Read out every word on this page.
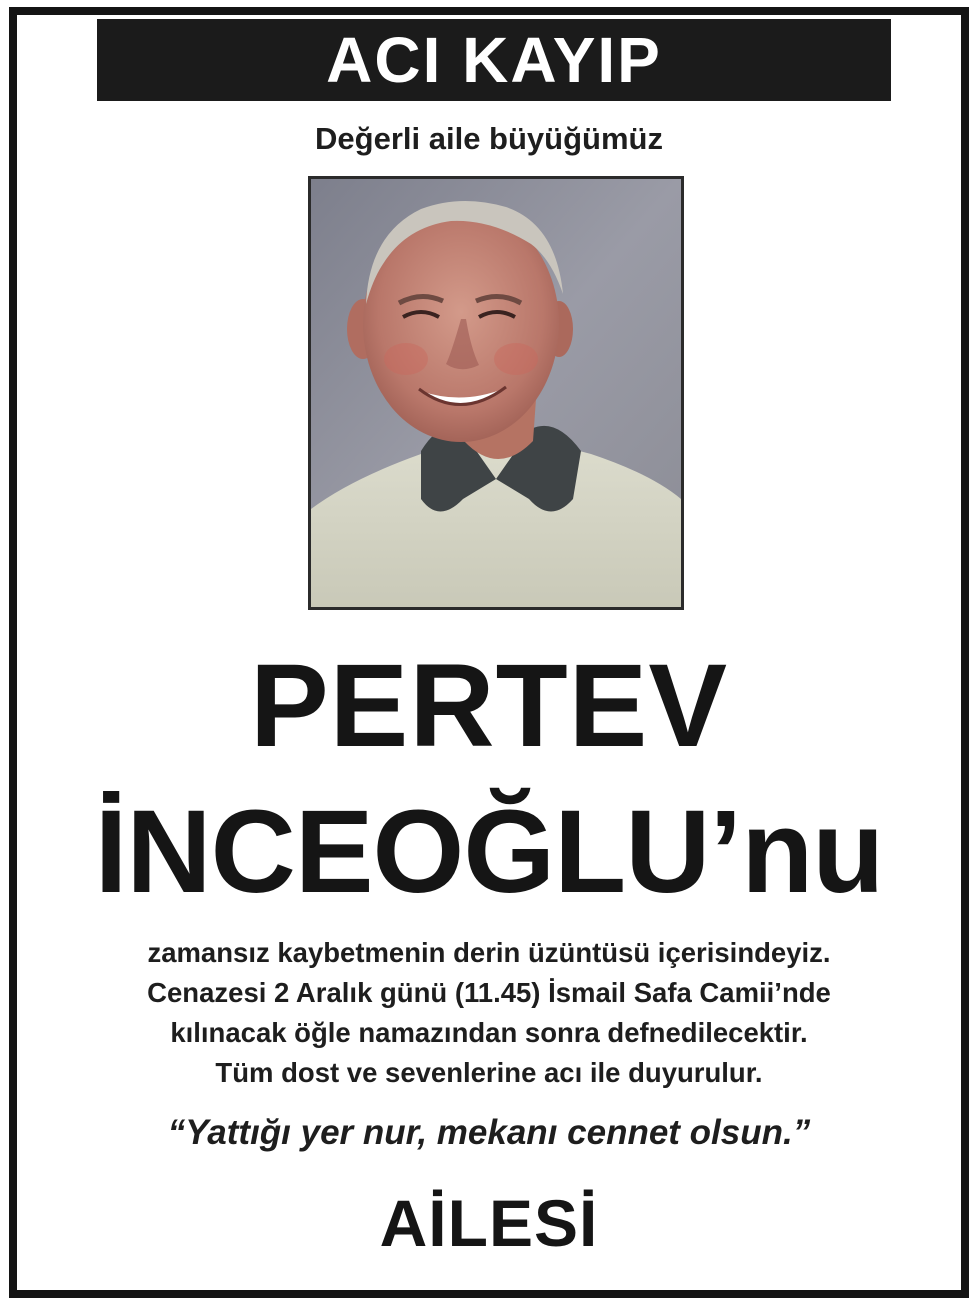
ACI KAYIP
Değerli aile büyüğümüz
PERTEV
İNCEOĞLU’nu
zamansız kaybetmenin derin üzüntüsü içerisindeyiz.
Cenazesi 2 Aralık günü (11.45) İsmail Safa Camii’nde
kılınacak öğle namazından sonra defnedilecektir.
Tüm dost ve sevenlerine acı ile duyurulur.
“Yattığı yer nur, mekanı cennet olsun.”
AİLESİ
